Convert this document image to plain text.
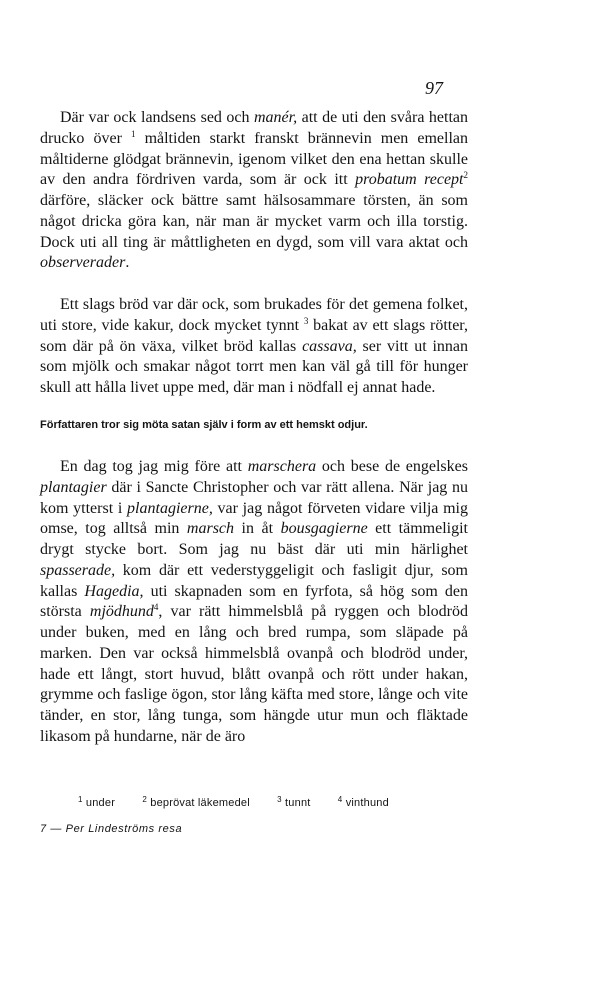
97
Där var ock landsens sed och manér, att de uti den svåra hettan drucko över $^1$ måltiden starkt franskt brännevin men emellan måltiderne glödgat brännevin, igenom vilket den ena hettan skulle av den andra fördriven varda, som är ock itt probatum recept$^2$ därföre, släcker ock bättre samt hälsosammare törsten, än som något dricka göra kan, när man är mycket varm och illa torstig. Dock uti all ting är måttligheten en dygd, som vill vara aktat och observerader.
Ett slags bröd var där ock, som brukades för det gemena folket, uti store, vide kakur, dock mycket tynnt $^3$ bakat av ett slags rötter, som där på ön växa, vilket bröd kallas cassava, ser vitt ut innan som mjölk och smakar något torrt men kan väl gå till för hunger skull att hålla livet uppe med, där man i nödfall ej annat hade.
Författaren tror sig möta satan själv i form av ett hemskt odjur.
En dag tog jag mig före att marschera och bese de engelskes plantagier där i Sancte Christopher och var rätt allena. När jag nu kom ytterst i plantagierne, var jag något förveten vidare vilja mig omse, tog alltså min marsch in åt bousgagierne ett tämmeligit drygt stycke bort. Som jag nu bäst där uti min härlighet spasserade, kom där ett vederstyggeligit och fasligit djur, som kallas Hagedia, uti skapnaden som en fyrfota, så hög som den största mjödhund$^4$, var rätt himmelsblå på ryggen och blodröd under buken, med en lång och bred rumpa, som släpade på marken. Den var också himmelsblå ovanpå och blodröd under, hade ett långt, stort huvud, blått ovanpå och rött under hakan, grymme och faslige ögon, stor lång käfta med store, långe och vite tänder, en stor, lång tunga, som hängde utur mun och fläktade likasom på hundarne, när de äro
$^1$ under	$^2$ beprövat läkemedel	$^3$ tunnt	$^4$ vinthund
7 — Per Lindeströms resa
